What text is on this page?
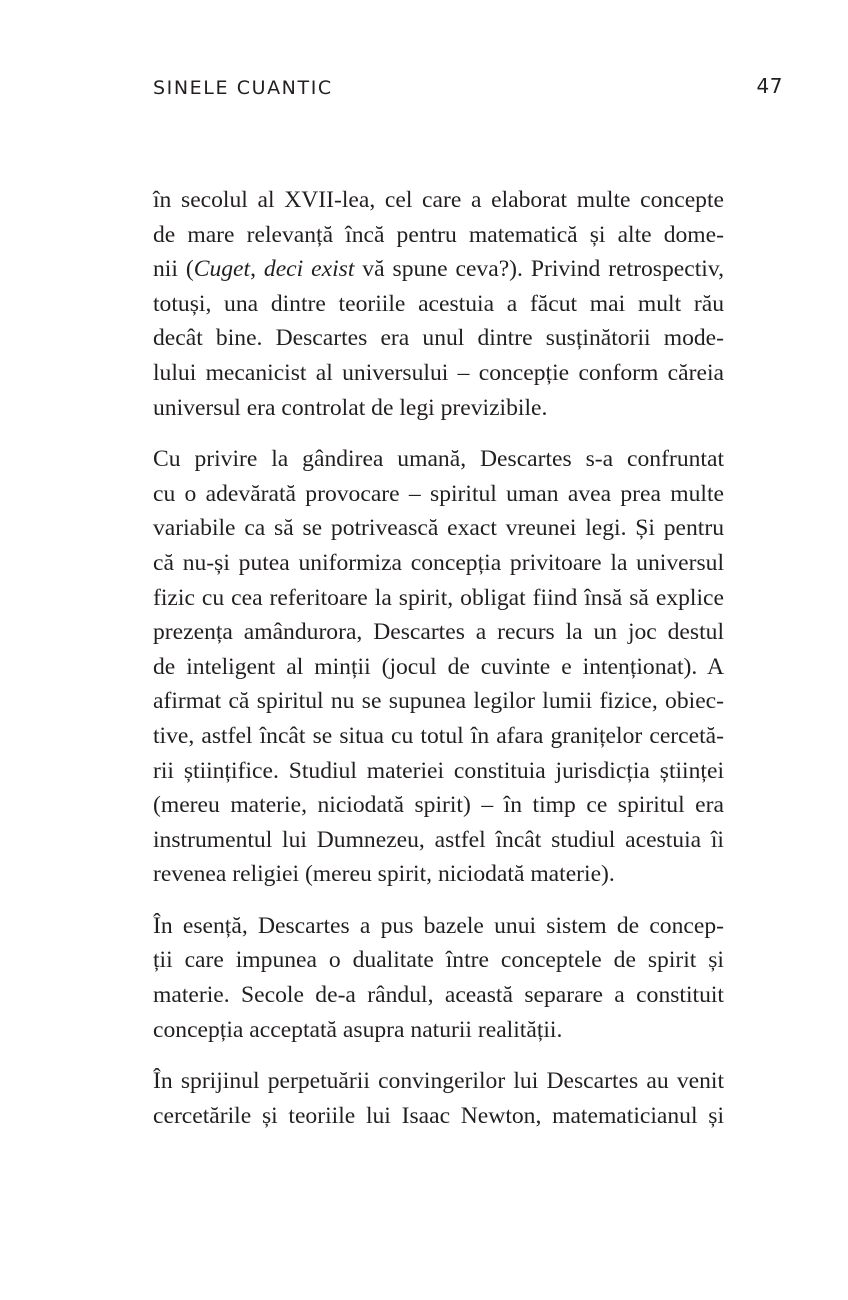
SINELE CUANTIC	47
în secolul al XVII-lea, cel care a elaborat multe concepte
de mare relevanță încă pentru matematică și alte dome-
nii (Cuget, deci exist vă spune ceva?). Privind retrospectiv,
totuși, una dintre teoriile acestuia a făcut mai mult rău
decât bine. Descartes era unul dintre susținătorii mode-
lului mecanicist al universului – concepție conform căreia
universul era controlat de legi previzibile.
Cu privire la gândirea umană, Descartes s-a confruntat
cu o adevărată provocare – spiritul uman avea prea multe
variabile ca să se potrivească exact vreunei legi. Și pentru
că nu-și putea uniformiza concepția privitoare la universul
fizic cu cea referitoare la spirit, obligat fiind însă să explice
prezența amândurora, Descartes a recurs la un joc destul
de inteligent al minții (jocul de cuvinte e intenționat). A
afirmat că spiritul nu se supunea legilor lumii fizice, obiec-
tive, astfel încât se situa cu totul în afara granițelor cercetă-
rii științifice. Studiul materiei constituia jurisdicția științei
(mereu materie, niciodată spirit) – în timp ce spiritul era
instrumentul lui Dumnezeu, astfel încât studiul acestuia îi
revenea religiei (mereu spirit, niciodată materie).
În esență, Descartes a pus bazele unui sistem de concep-
ții care impunea o dualitate între conceptele de spirit și
materie. Secole de-a rândul, această separare a constituit
concepția acceptată asupra naturii realității.
În sprijinul perpetuării convingerilor lui Descartes au venit
cercetările și teoriile lui Isaac Newton, matematicianul și
